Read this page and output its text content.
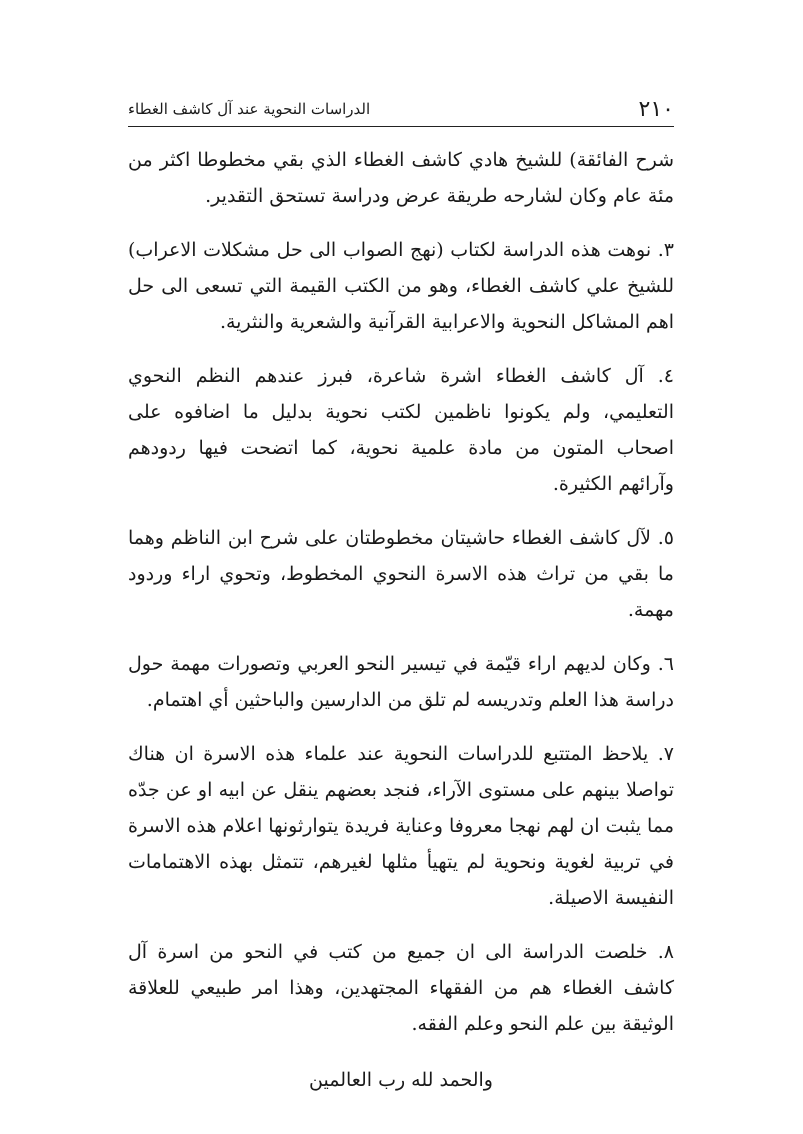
٢١٠
الدراسات النحوية عند آل كاشف الغطاء

شرح الفائقة) للشيخ هادي كاشف الغطاء الذي بقي مخطوطا اكثر من مئة عام وكان لشارحه طريقة عرض ودراسة تستحق التقدير.

٣. نوهت هذه الدراسة لكتاب (نهج الصواب الى حل مشكلات الاعراب) للشيخ علي كاشف الغطاء، وهو من الكتب القيمة التي تسعى الى حل اهم المشاكل النحوية والاعرابية القرآنية والشعرية والنثرية.

٤. آل كاشف الغطاء اشرة شاعرة، فبرز عندهم النظم النحوي التعليمي، ولم يكونوا ناظمين لكتب نحوية بدليل ما اضافوه على اصحاب المتون من مادة علمية نحوية، كما اتضحت فيها ردودهم وآرائهم الكثيرة.

٥. لآل كاشف الغطاء حاشيتان مخطوطتان على شرح ابن الناظم وهما ما بقي من تراث هذه الاسرة النحوي المخطوط، وتحوي اراء وردود مهمة.

٦. وكان لديهم اراء قيّمة في تيسير النحو العربي وتصورات مهمة حول دراسة هذا العلم وتدريسه لم تلق من الدارسين والباحثين أي اهتمام.

٧. يلاحظ المتتبع للدراسات النحوية عند علماء هذه الاسرة ان هناك تواصلا بينهم على مستوى الآراء، فنجد بعضهم ينقل عن ابيه او عن جدّه مما يثبت ان لهم نهجا معروفا وعناية فريدة يتوارثونها اعلام هذه الاسرة في تربية لغوية ونحوية لم يتهيأ مثلها لغيرهم، تتمثل بهذه الاهتمامات النفيسة الاصيلة.

٨. خلصت الدراسة الى ان جميع من كتب في النحو من اسرة آل كاشف الغطاء هم من الفقهاء المجتهدين، وهذا امر طبيعي للعلاقة الوثيقة بين علم النحو وعلم الفقه.

والحمد لله رب العالمين
